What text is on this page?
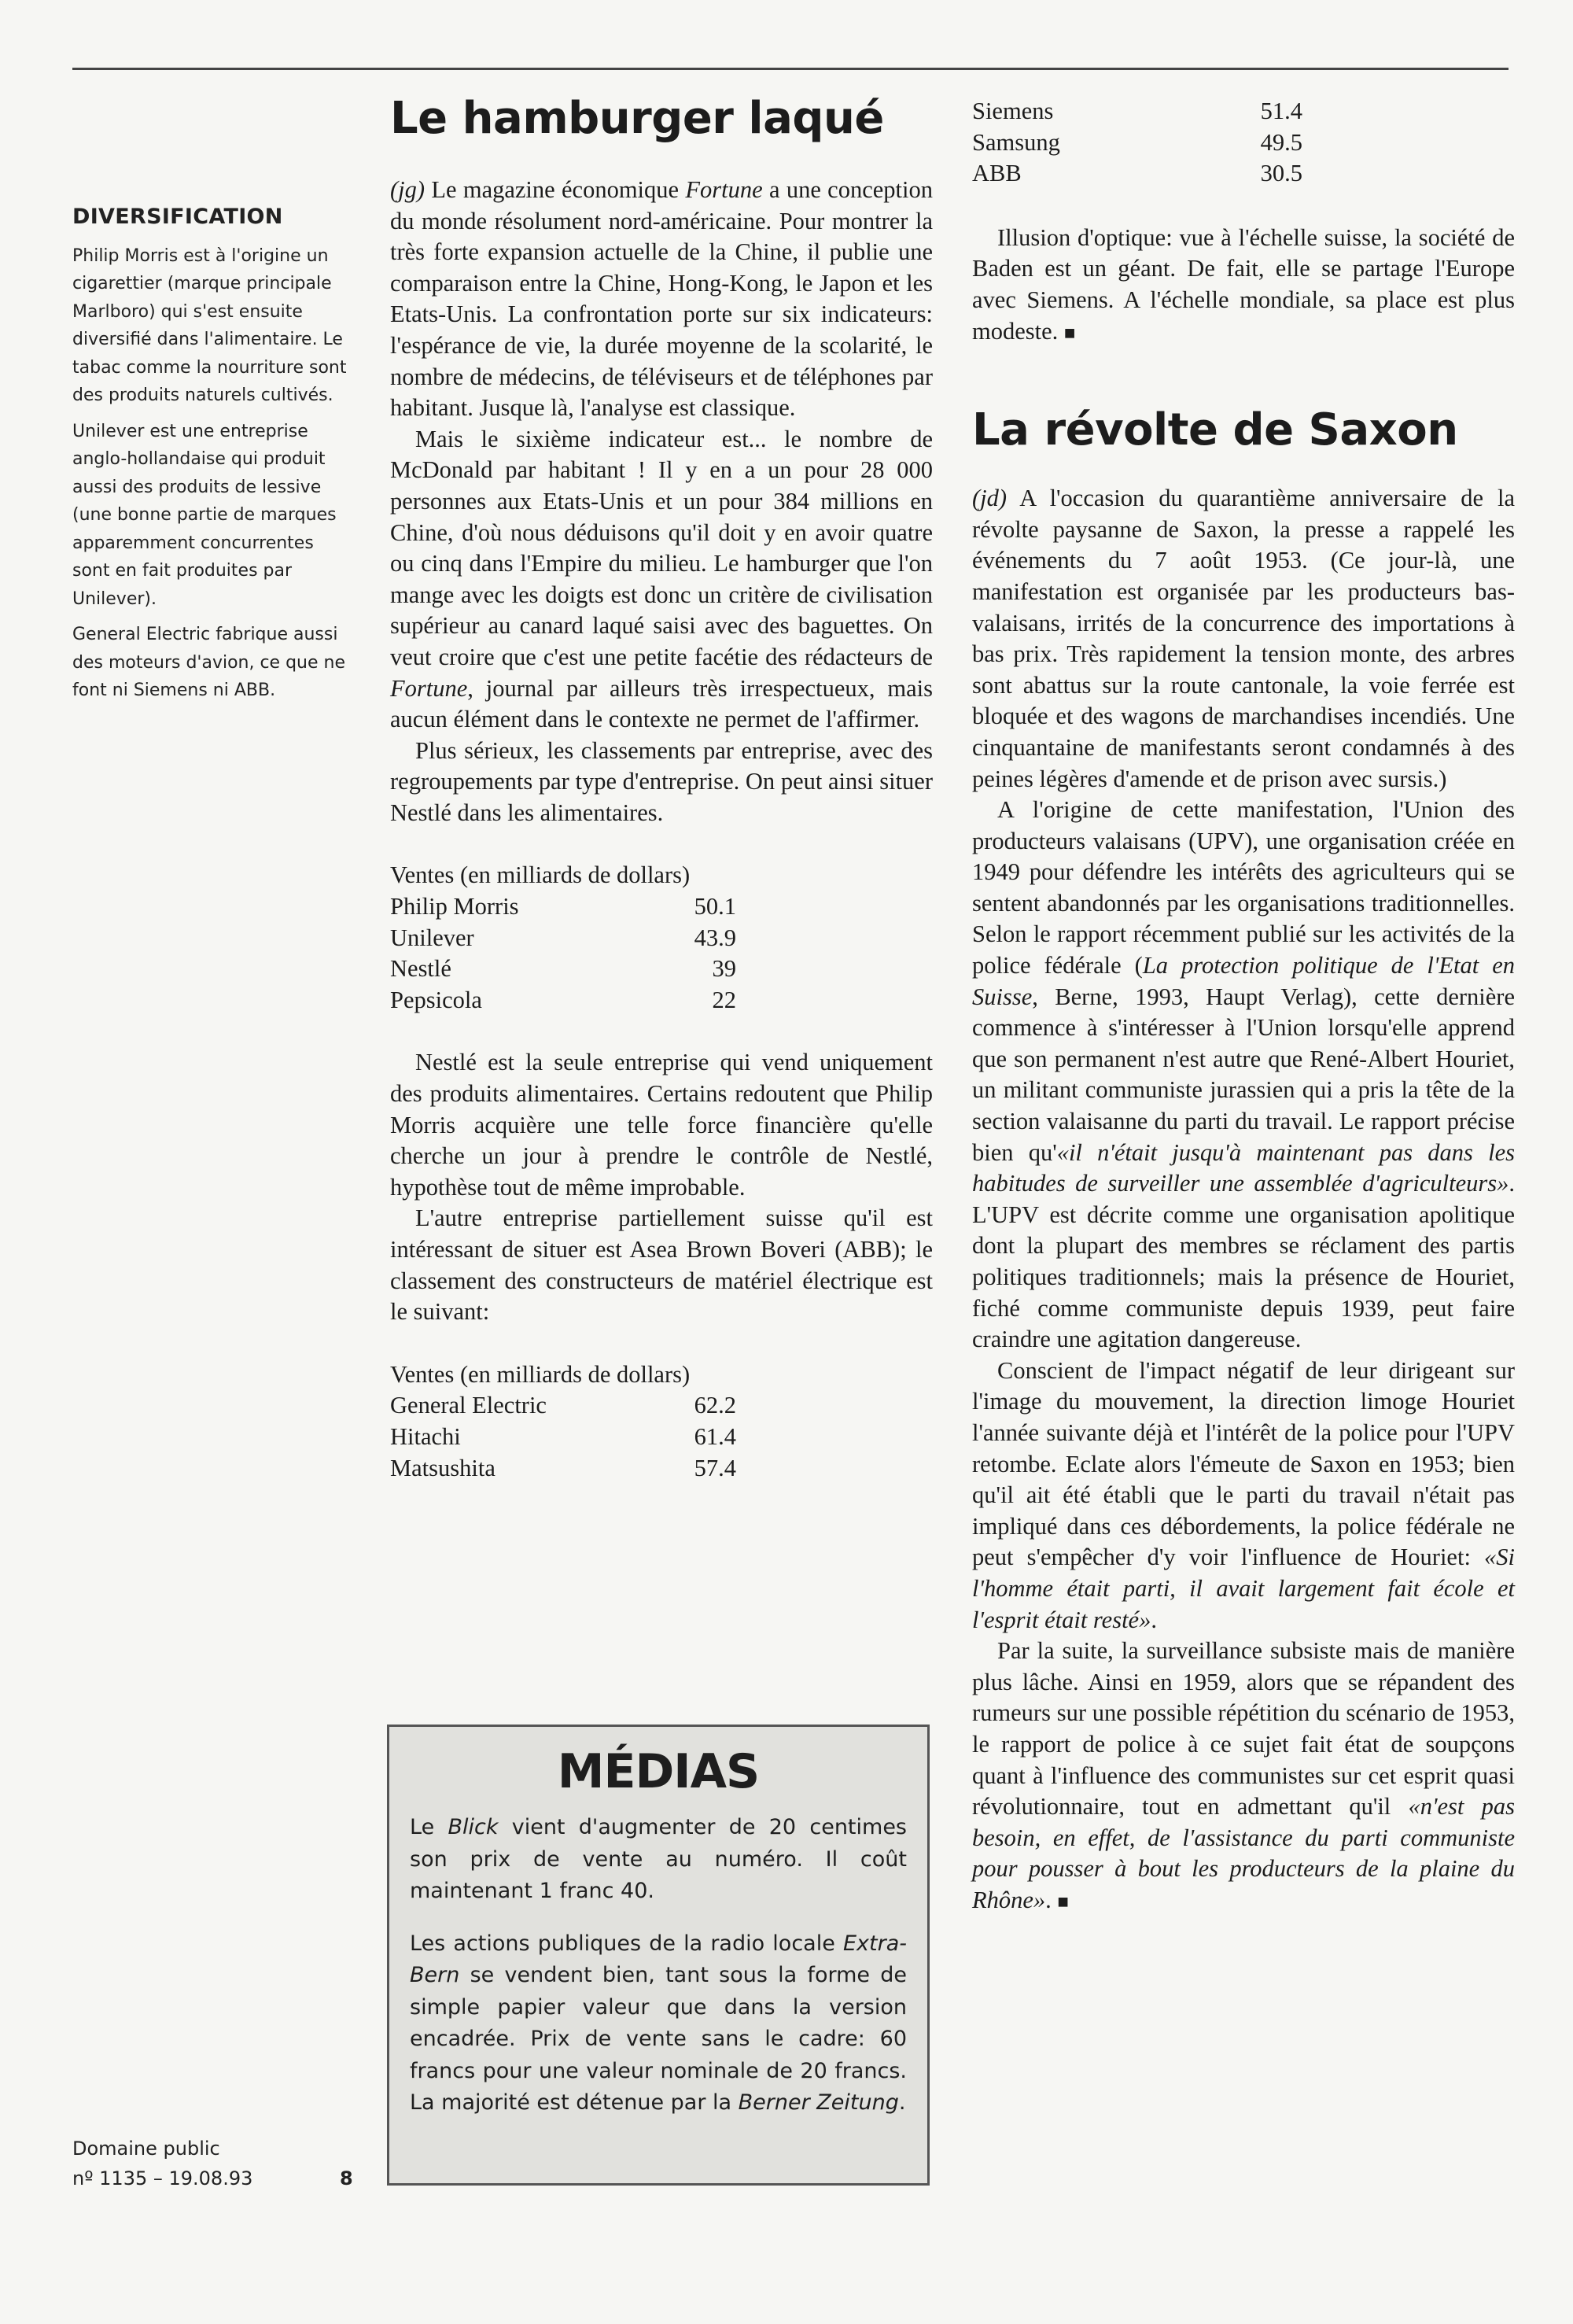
DIVERSIFICATION

Philip Morris est à l'origine un cigarettier (marque principale Marlboro) qui s'est ensuite diversifié dans l'alimentaire. Le tabac comme la nourriture sont des produits naturels cultivés.

Unilever est une entreprise anglo-hollandaise qui produit aussi des produits de lessive (une bonne partie de marques apparemment concurrentes sont en fait produites par Unilever).

General Electric fabrique aussi des moteurs d'avion, ce que ne font ni Siemens ni ABB.

Domaine public
nº 1135 – 19.08.93	8
Le hamburger laqué

(jg) Le magazine économique Fortune a une conception du monde résolument nord-américaine. Pour montrer la très forte expansion actuelle de la Chine, il publie une comparaison entre la Chine, Hong-Kong, le Japon et les Etats-Unis. La confrontation porte sur six indicateurs: l'espérance de vie, la durée moyenne de la scolarité, le nombre de médecins, de téléviseurs et de téléphones par habitant. Jusque là, l'analyse est classique.

Mais le sixième indicateur est... le nombre de McDonald par habitant ! Il y en a un pour 28 000 personnes aux Etats-Unis et un pour 384 millions en Chine, d'où nous déduisons qu'il doit y en avoir quatre ou cinq dans l'Empire du milieu. Le hamburger que l'on mange avec les doigts est donc un critère de civilisation supérieur au canard laqué saisi avec des baguettes. On veut croire que c'est une petite facétie des rédacteurs de Fortune, journal par ailleurs très irrespectueux, mais aucun élément dans le contexte ne permet de l'affirmer.

Plus sérieux, les classements par entreprise, avec des regroupements par type d'entreprise. On peut ainsi situer Nestlé dans les alimentaires.

Ventes (en milliards de dollars)
Philip Morris	50.1
Unilever	43.9
Nestlé	39
Pepsicola	22

Nestlé est la seule entreprise qui vend uniquement des produits alimentaires. Certains redoutent que Philip Morris acquière une telle force financière qu'elle cherche un jour à prendre le contrôle de Nestlé, hypothèse tout de même improbable.

L'autre entreprise partiellement suisse qu'il est intéressant de situer est Asea Brown Boveri (ABB); le classement des constructeurs de matériel électrique est le suivant:

Ventes (en milliards de dollars)
General Electric	62.2
Hitachi	61.4
Matsushita	57.4
MÉDIAS

Le Blick vient d'augmenter de 20 centimes son prix de vente au numéro. Il coût maintenant 1 franc 40.

Les actions publiques de la radio locale Extra-Bern se vendent bien, tant sous la forme de simple papier valeur que dans la version encadrée. Prix de vente sans le cadre: 60 francs pour une valeur nominale de 20 francs. La majorité est détenue par la Berner Zeitung.

Siemens	51.4
Samsung	49.5
ABB	30.5

Illusion d'optique: vue à l'échelle suisse, la société de Baden est un géant. De fait, elle se partage l'Europe avec Siemens. A l'échelle mondiale, sa place est plus modeste. ■

La révolte de Saxon

(jd) A l'occasion du quarantième anniversaire de la révolte paysanne de Saxon, la presse a rappelé les événements du 7 août 1953. (Ce jour-là, une manifestation est organisée par les producteurs bas-valaisans, irrités de la concurrence des importations à bas prix. Très rapidement la tension monte, des arbres sont abattus sur la route cantonale, la voie ferrée est bloquée et des wagons de marchandises incendiés. Une cinquantaine de manifestants seront condamnés à des peines légères d'amende et de prison avec sursis.)

A l'origine de cette manifestation, l'Union des producteurs valaisans (UPV), une organisation créée en 1949 pour défendre les intérêts des agriculteurs qui se sentent abandonnés par les organisations traditionnelles. Selon le rapport récemment publié sur les activités de la police fédérale (La protection politique de l'Etat en Suisse, Berne, 1993, Haupt Verlag), cette dernière commence à s'intéresser à l'Union lorsqu'elle apprend que son permanent n'est autre que René-Albert Houriet, un militant communiste jurassien qui a pris la tête de la section valaisanne du parti du travail. Le rapport précise bien qu'«il n'était jusqu'à maintenant pas dans les habitudes de surveiller une assemblée d'agriculteurs». L'UPV est décrite comme une organisation apolitique dont la plupart des membres se réclament des partis politiques traditionnels; mais la présence de Houriet, fiché comme communiste depuis 1939, peut faire craindre une agitation dangereuse.

Conscient de l'impact négatif de leur dirigeant sur l'image du mouvement, la direction limoge Houriet l'année suivante déjà et l'intérêt de la police pour l'UPV retombe. Eclate alors l'émeute de Saxon en 1953; bien qu'il ait été établi que le parti du travail n'était pas impliqué dans ces débordements, la police fédérale ne peut s'empêcher d'y voir l'influence de Houriet: «Si l'homme était parti, il avait largement fait école et l'esprit était resté».

Par la suite, la surveillance subsiste mais de manière plus lâche. Ainsi en 1959, alors que se répandent des rumeurs sur une possible répétition du scénario de 1953, le rapport de police à ce sujet fait état de soupçons quant à l'influence des communistes sur cet esprit quasi révolutionnaire, tout en admettant qu'il «n'est pas besoin, en effet, de l'assistance du parti communiste pour pousser à bout les producteurs de la plaine du Rhône». ■
